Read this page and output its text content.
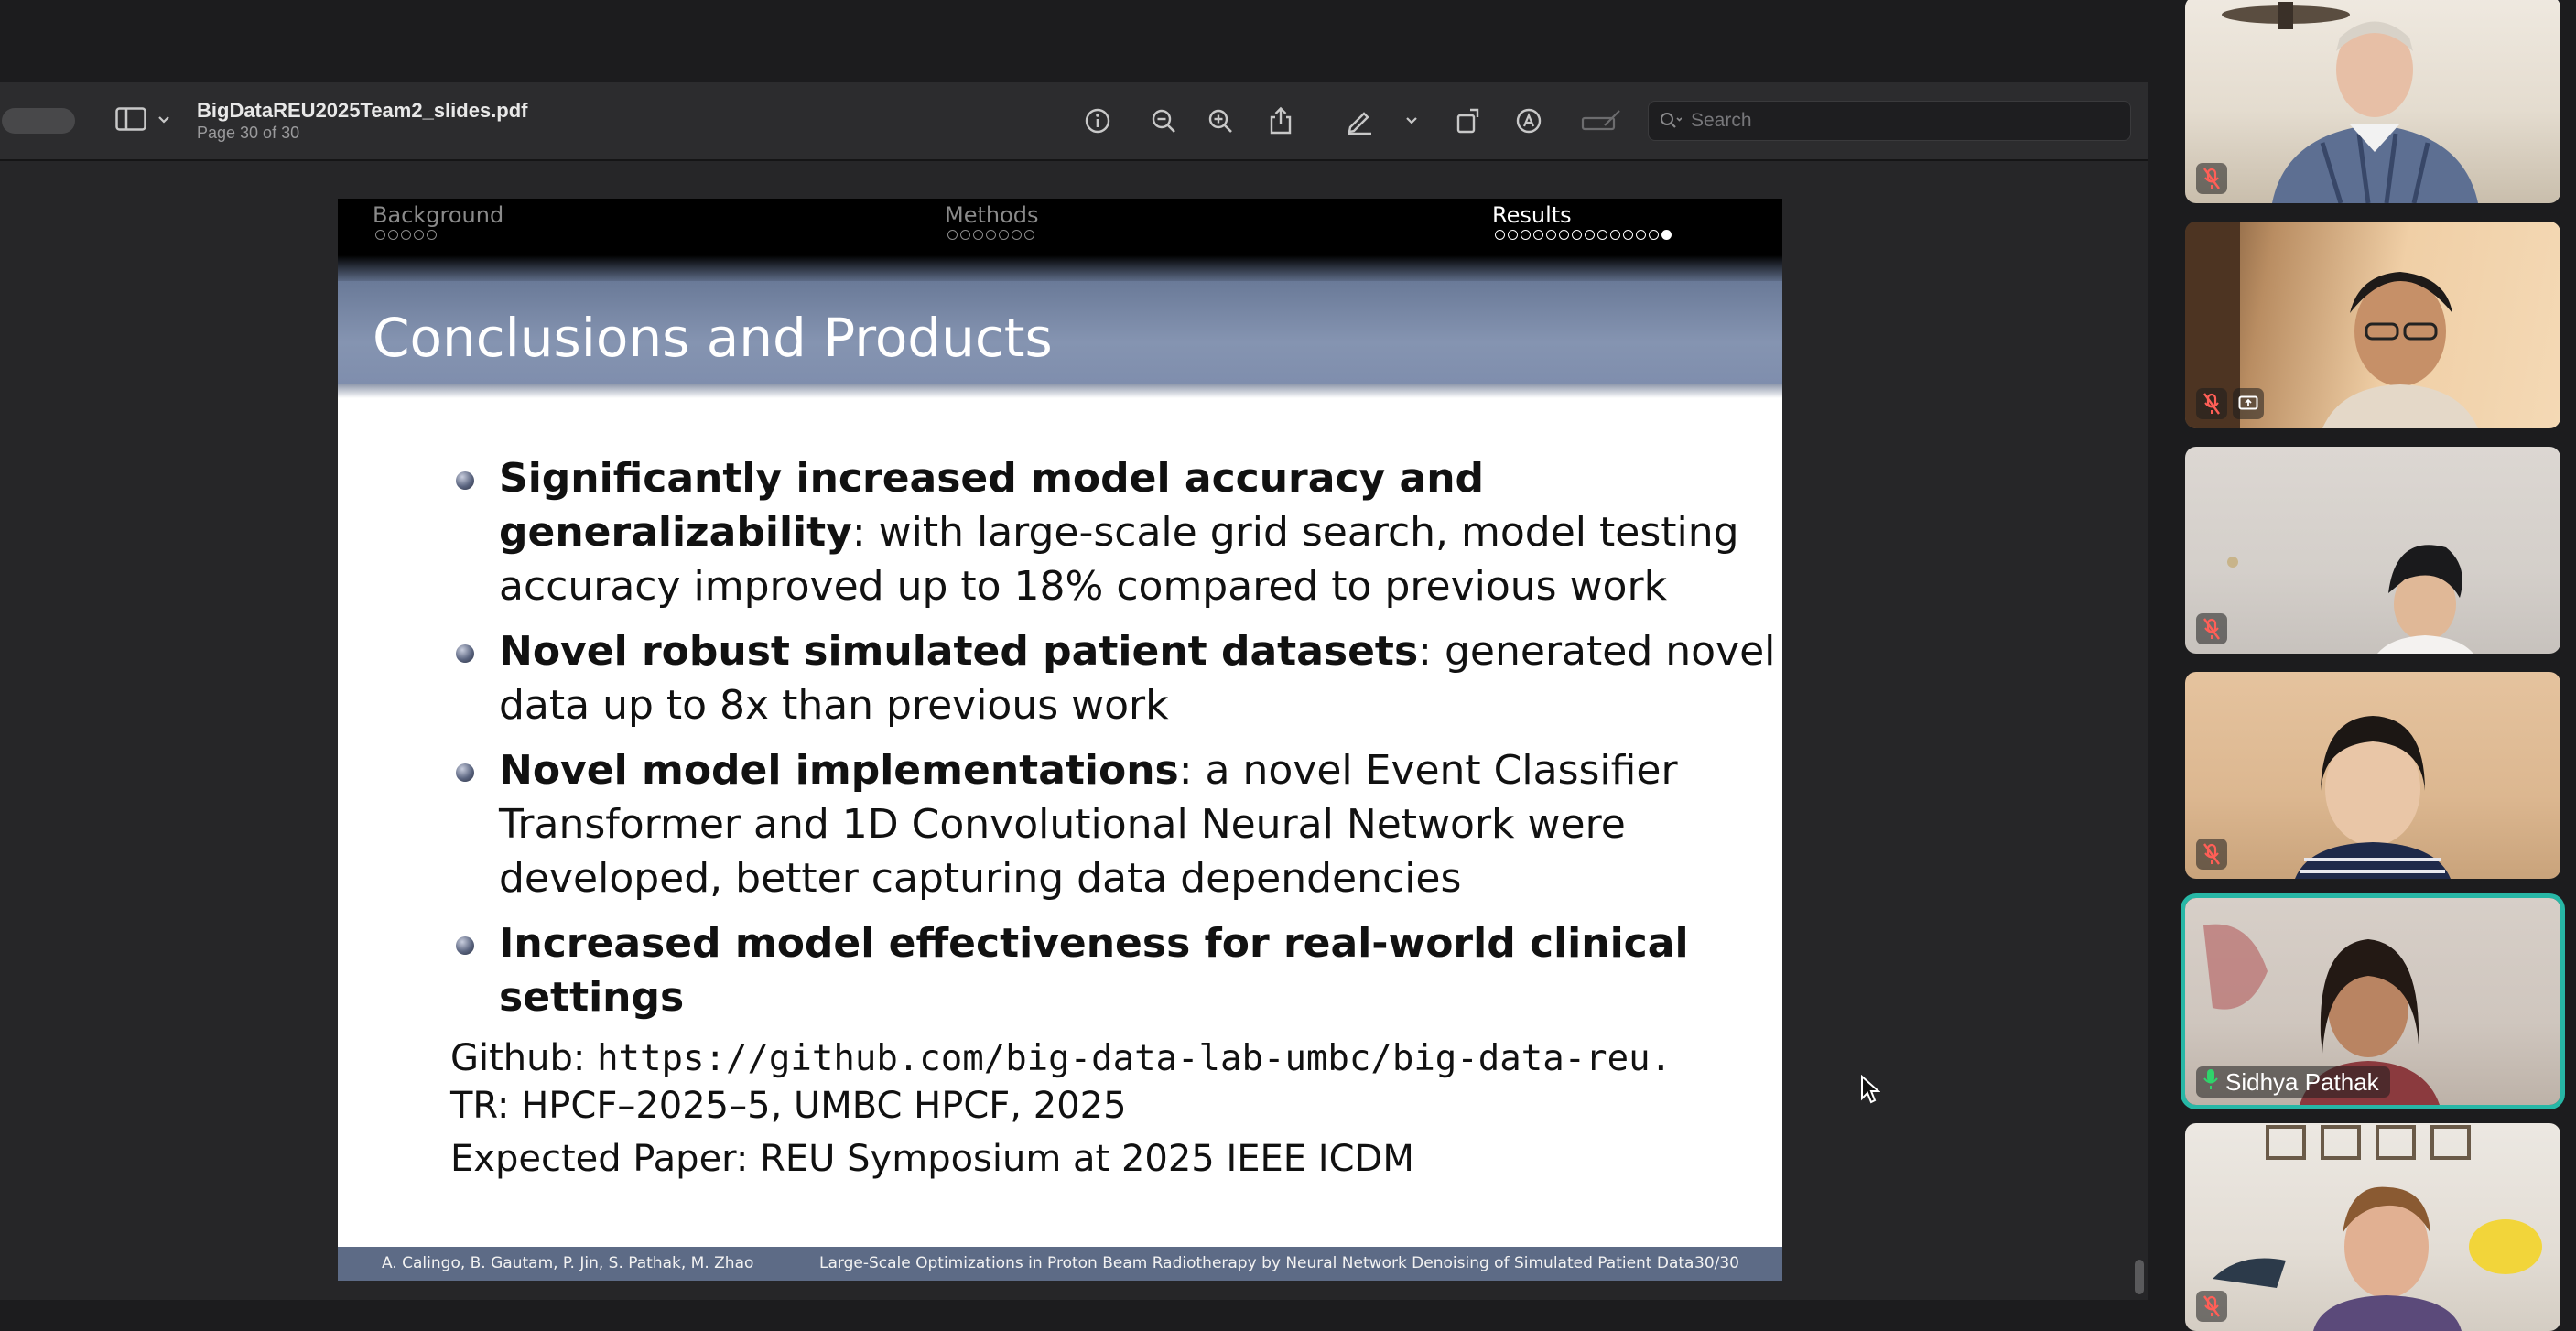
BigDataREU2025Team2_slides.pdf
Page 30 of 30
Search
Background	Methods	Results
Conclusions and Products
Significantly increased model accuracy and
generalizability: with large-scale grid search, model testing
accuracy improved up to 18% compared to previous work
Novel robust simulated patient datasets: generated novel
data up to 8x than previous work
Novel model implementations: a novel Event Classifier
Transformer and 1D Convolutional Neural Network were
developed, better capturing data dependencies
Increased model effectiveness for real-world clinical
settings
Github: https://github.com/big-data-lab-umbc/big-data-reu.
TR: HPCF–2025–5, UMBC HPCF, 2025
Expected Paper: REU Symposium at 2025 IEEE ICDM
A. Calingo, B. Gautam, P. Jin, S. Pathak, M. Zhao	Large-Scale Optimizations in Proton Beam Radiotherapy by Neural Network Denoising of Simulated Patient Data 30/30
Sidhya Pathak
